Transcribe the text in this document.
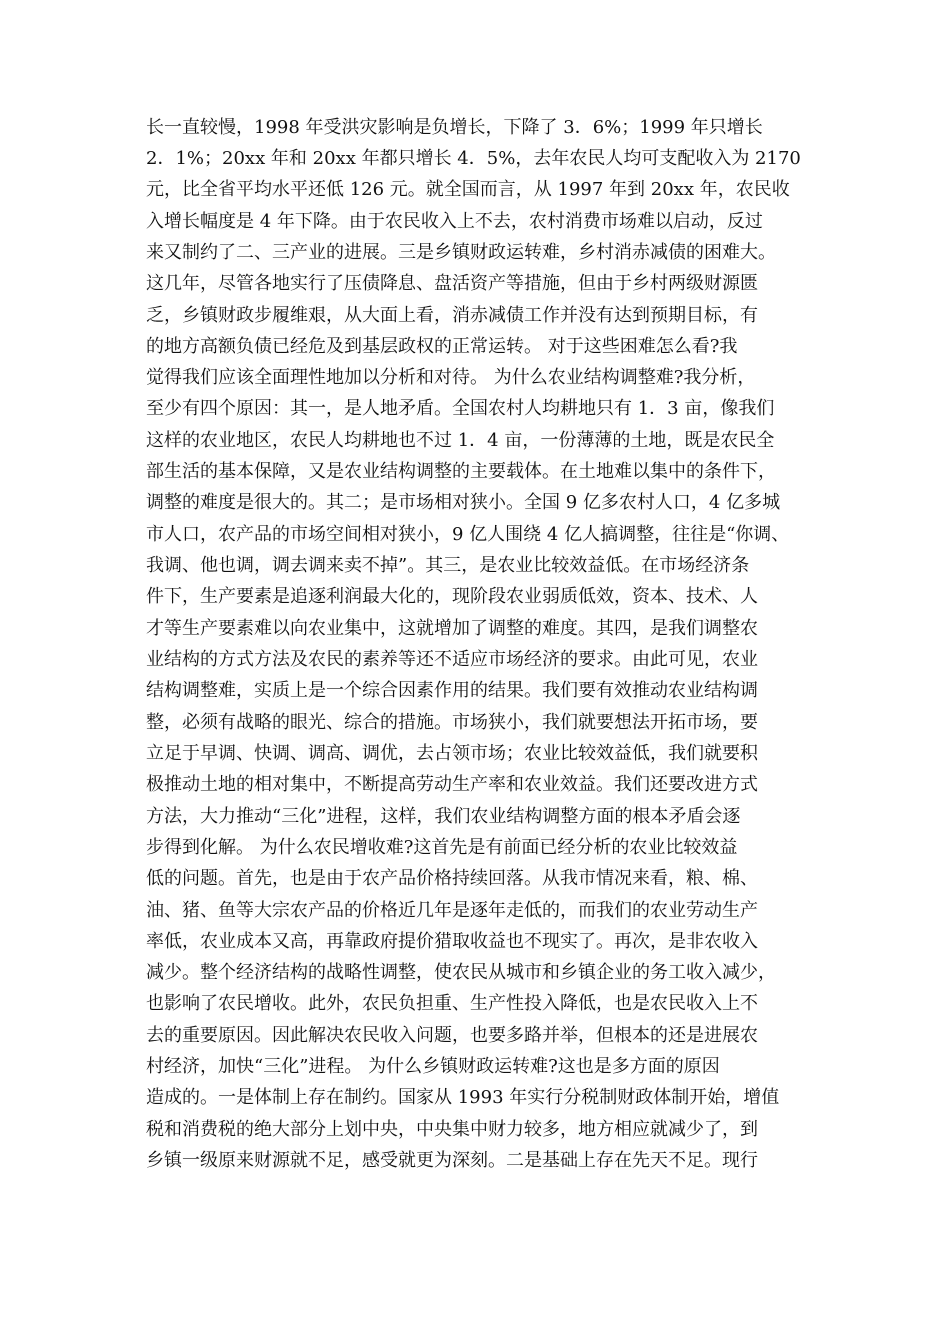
长一直较慢，1998 年受洪灾影响是负增长，下降了 3．6%；1999 年只增长
2．1%；20xx 年和 20xx 年都只增长 4．5%，去年农民人均可支配收入为 2170
元，比全省平均水平还低 126 元。就全国而言，从 1997 年到 20xx 年，农民收
入增长幅度是 4 年下降。由于农民收入上不去，农村消费市场难以启动，反过
来又制约了二、三产业的进展。三是乡镇财政运转难，乡村消赤减债的困难大。
这几年，尽管各地实行了压债降息、盘活资产等措施，但由于乡村两级财源匮
乏，乡镇财政步履维艰，从大面上看，消赤减债工作并没有达到预期目标，有
的地方高额负债已经危及到基层政权的正常运转。 对于这些困难怎么看?我
觉得我们应该全面理性地加以分析和对待。 为什么农业结构调整难?我分析，
至少有四个原因：其一，是人地矛盾。全国农村人均耕地只有 1．3 亩，像我们
这样的农业地区，农民人均耕地也不过 1．4 亩，一份薄薄的土地，既是农民全
部生活的基本保障，又是农业结构调整的主要载体。在土地难以集中的条件下，
调整的难度是很大的。其二；是市场相对狭小。全国 9 亿多农村人口，4 亿多城
市人口，农产品的市场空间相对狭小，9 亿人围绕 4 亿人搞调整，往往是“你调、
我调、他也调，调去调来卖不掉”。其三，是农业比较效益低。在市场经济条
件下，生产要素是追逐利润最大化的，现阶段农业弱质低效，资本、技术、人
才等生产要素难以向农业集中，这就增加了调整的难度。其四，是我们调整农
业结构的方式方法及农民的素养等还不适应市场经济的要求。由此可见，农业
结构调整难，实质上是一个综合因素作用的结果。我们要有效推动农业结构调
整，必须有战略的眼光、综合的措施。市场狭小，我们就要想法开拓市场，要
立足于早调、快调、调高、调优，去占领市场；农业比较效益低，我们就要积
极推动土地的相对集中，不断提高劳动生产率和农业效益。我们还要改进方式
方法，大力推动“三化”进程，这样，我们农业结构调整方面的根本矛盾会逐
步得到化解。 为什么农民增收难?这首先是有前面已经分析的农业比较效益
低的问题。首先，也是由于农产品价格持续回落。从我市情况来看，粮、棉、
油、猪、鱼等大宗农产品的价格近几年是逐年走低的，而我们的农业劳动生产
率低，农业成本又高，再靠政府提价猎取收益也不现实了。再次，是非农收入
减少。整个经济结构的战略性调整，使农民从城市和乡镇企业的务工收入减少，
也影响了农民增收。此外，农民负担重、生产性投入降低，也是农民收入上不
去的重要原因。因此解决农民收入问题，也要多路并举，但根本的还是进展农
村经济，加快“三化”进程。 为什么乡镇财政运转难?这也是多方面的原因
造成的。一是体制上存在制约。国家从 1993 年实行分税制财政体制开始，增值
税和消费税的绝大部分上划中央，中央集中财力较多，地方相应就减少了，到
乡镇一级原来财源就不足，感受就更为深刻。二是基础上存在先天不足。现行
